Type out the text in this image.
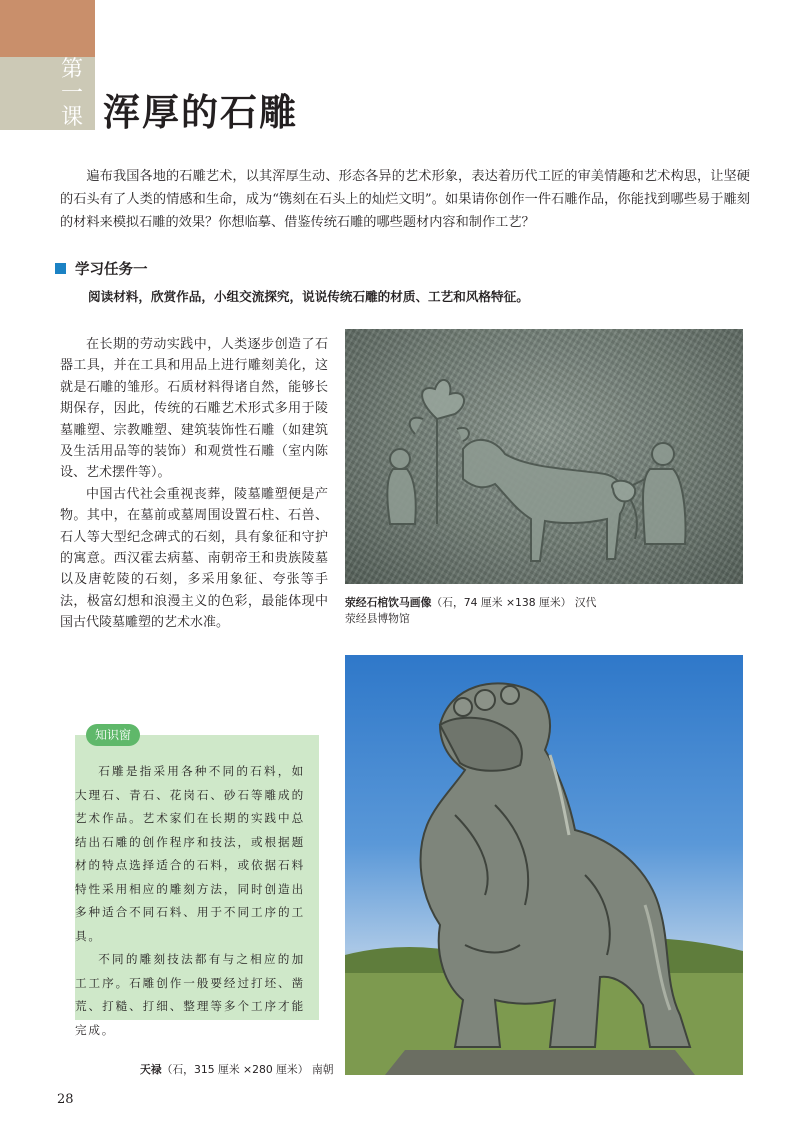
第
一
课 浑厚的石雕
遍布我国各地的石雕艺术，以其浑厚生动、形态各异的艺术形象，表达着历代工匠的审美情趣和艺术构思，让坚硬的石头有了人类的情感和生命，成为“镌刻在石头上的灿烂文明”。如果请你创作一件石雕作品，你能找到哪些易于雕刻的材料来模拟石雕的效果？你想临摹、借鉴传统石雕的哪些题材内容和制作工艺？
学习任务一
阅读材料，欣赏作品，小组交流探究，说说传统石雕的材质、工艺和风格特征。

在长期的劳动实践中，人类逐步创造了石器工具，并在工具和用品上进行雕刻美化，这就是石雕的雏形。石质材料得诸自然，能够长期保存，因此，传统的石雕艺术形式多用于陵墓雕塑、宗教雕塑、建筑装饰性石雕（如建筑及生活用品等的装饰）和观赏性石雕（室内陈设、艺术摆件等）。

中国古代社会重视丧葬，陵墓雕塑便是产物。其中，在墓前或墓周围设置石柱、石兽、石人等大型纪念碑式的石刻，具有象征和守护的寓意。西汉霍去病墓、南朝帝王和贵族陵墓以及唐乾陵的石刻，多采用象征、夸张等手法，极富幻想和浪漫主义的色彩，最能体现中国古代陵墓雕塑的艺术水准。

荥经石棺饮马画像（石，74 厘米 ×138 厘米） 汉代
荥经县博物馆
知识窗

石雕是指采用各种不同的石料，如大理石、青石、花岗石、砂石等雕成的艺术作品。艺术家们在长期的实践中总结出石雕的创作程序和技法，或根据题材的特点选择适合的石料，或依据石料特性采用相应的雕刻方法，同时创造出多种适合不同石料、用于不同工序的工具。

不同的雕刻技法都有与之相应的加工工序。石雕创作一般要经过打坯、凿荒、打糙、打细、整理等多个工序才能完成。

天禄（石，315 厘米 ×280 厘米） 南朝
28
